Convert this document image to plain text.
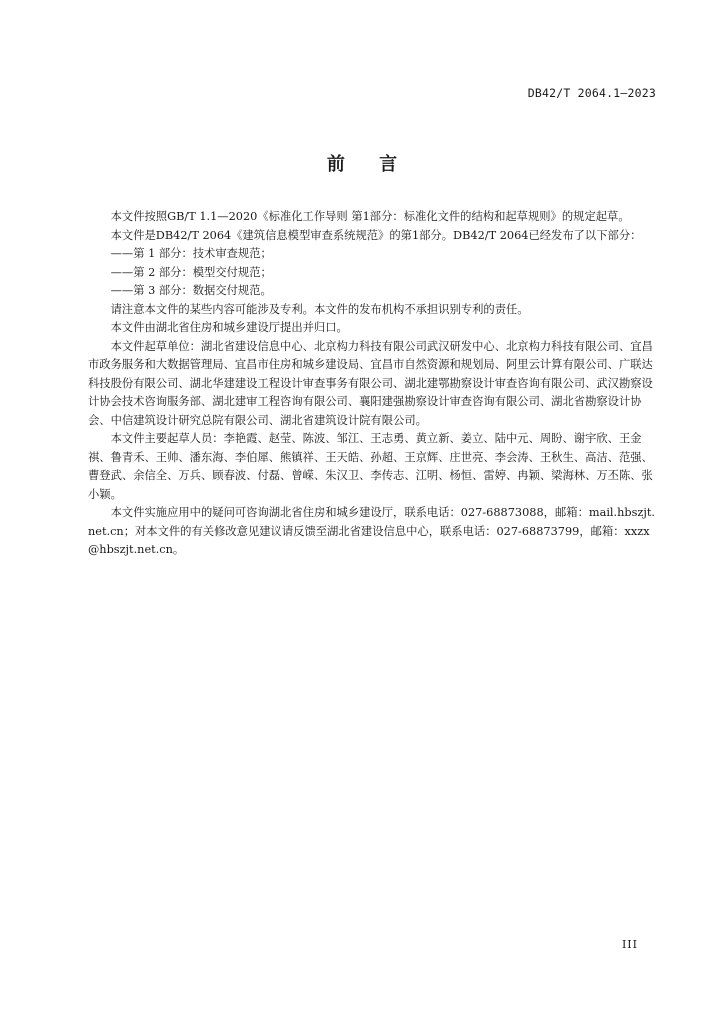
DB42/T 2064.1—2023
前 言

本文件按照GB/T 1.1—2020《标准化工作导则 第1部分：标准化文件的结构和起草规则》的规定起草。

本文件是DB42/T 2064《建筑信息模型审查系统规范》的第1部分。DB42/T 2064已经发布了以下部分：

——第 1 部分：技术审查规范；

——第 2 部分：模型交付规范；

——第 3 部分：数据交付规范。

请注意本文件的某些内容可能涉及专利。本文件的发布机构不承担识别专利的责任。

本文件由湖北省住房和城乡建设厅提出并归口。

本文件起草单位：湖北省建设信息中心、北京构力科技有限公司武汉研发中心、北京构力科技有限公司、宜昌市政务服务和大数据管理局、宜昌市住房和城乡建设局、宜昌市自然资源和规划局、阿里云计算有限公司、广联达科技股份有限公司、湖北华建建设工程设计审查事务有限公司、湖北建鄂勘察设计审查咨询有限公司、武汉勘察设计协会技术咨询服务部、湖北建审工程咨询有限公司、襄阳建强勘察设计审查咨询有限公司、湖北省勘察设计协会、中信建筑设计研究总院有限公司、湖北省建筑设计院有限公司。

本文件主要起草人员：李艳霞、赵莹、陈波、邹江、王志勇、黄立新、姜立、陆中元、周盼、谢宇欣、王金祺、鲁青禾、王帅、潘东海、李伯犀、熊镇祥、王天皓、孙超、王京辉、庄世亮、李会涛、王秋生、高洁、范强、曹登武、余信全、万兵、顾春波、付磊、曾嵘、朱汉卫、李传志、江明、杨恒、雷婷、冉颖、梁海林、万丕陈、张小颖。

本文件实施应用中的疑问可咨询湖北省住房和城乡建设厅，联系电话：027-68873088，邮箱：mail.hbszjt.net.cn；对本文件的有关修改意见建议请反馈至湖北省建设信息中心，联系电话：027-68873799，邮箱：xxzx@hbszjt.net.cn。

III
